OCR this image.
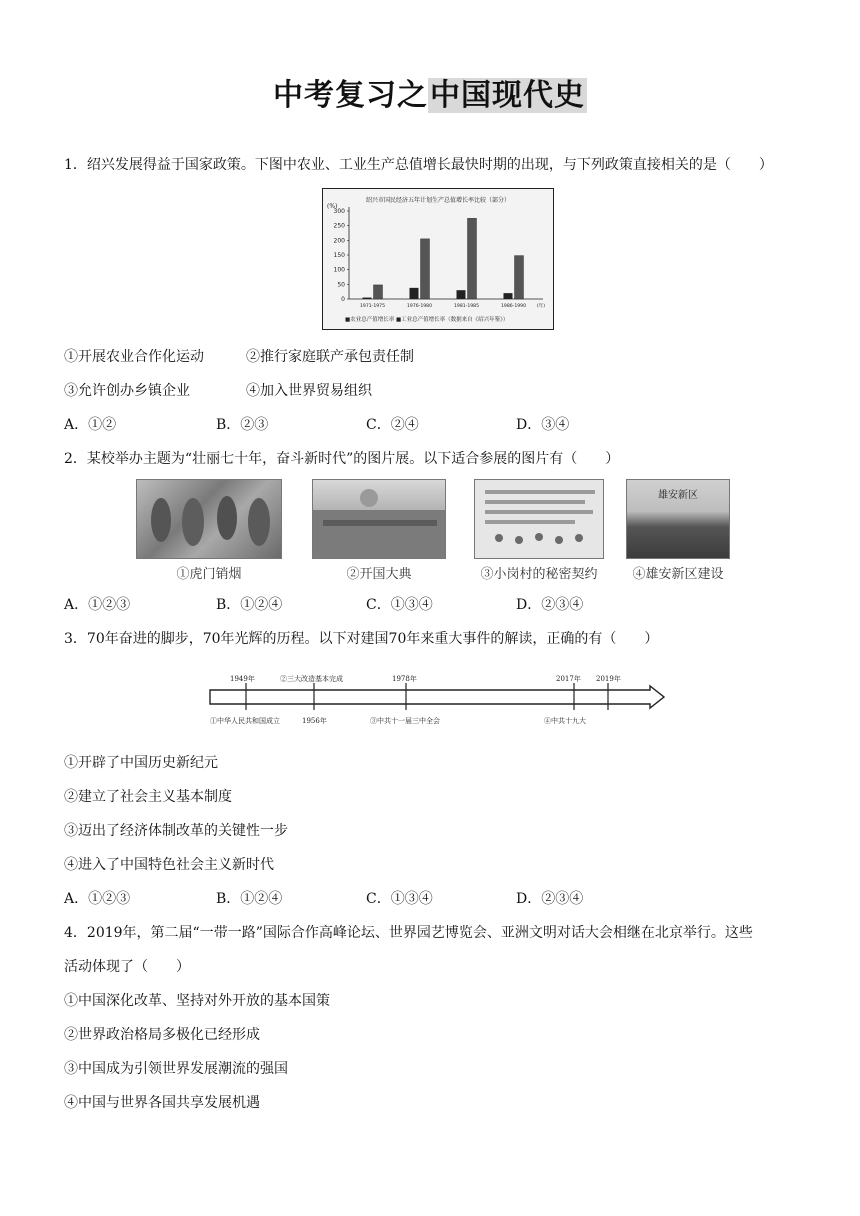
中考复习之中国现代史
1．绍兴发展得益于国家政策。下图中农业、工业生产总值增长最快时期的出现，与下列政策直接相关的是（　　）
绍兴市国民经济五年计划生产总值增长率比较（部分）
(%)
0
50
100
150
200
250
300
1971-1975	1976-1980	1981-1985	1986-1990 (年)
■农业总产值增长率 ■工业总产值增长率（数据来自《绍兴年鉴》）
①开展农业合作化运动	②推行家庭联产承包责任制
③允许创办乡镇企业	④加入世界贸易组织
A．①②	B．②③	C．②④	D．③④
2．某校举办主题为“壮丽七十年，奋斗新时代”的图片展。以下适合参展的图片有（　　）
①虎门销烟	②开国大典	③小岗村的秘密契约
雄安新区
④雄安新区建设
A．①②③	B．①②④	C．①③④	D．②③④
3．70年奋进的脚步，70年光辉的历程。以下对建国70年来重大事件的解读，正确的有（　　）
1949年	②三大改造基本完成	1978年	2017年 2019年
①中华人民共和国成立	1956年	③中共十一届三中全会	④中共十九大
①开辟了中国历史新纪元
②建立了社会主义基本制度
③迈出了经济体制改革的关键性一步
④进入了中国特色社会主义新时代
A．①②③	B．①②④	C．①③④	D．②③④
4．2019年，第二届“一带一路”国际合作高峰论坛、世界园艺博览会、亚洲文明对话大会相继在北京举行。这些
活动体现了（　　）
①中国深化改革、坚持对外开放的基本国策
②世界政治格局多极化已经形成
③中国成为引领世界发展潮流的强国
④中国与世界各国共享发展机遇
